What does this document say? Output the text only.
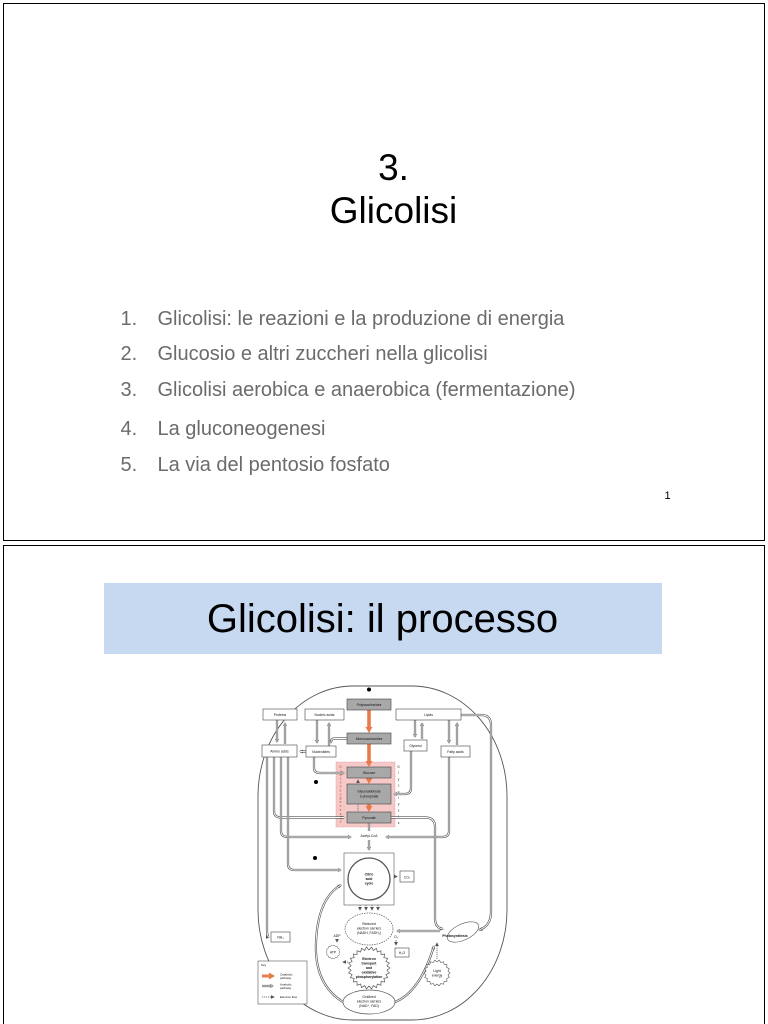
3.
Glicolisi
1. Glicolisi: le reazioni e la produzione di energia
2. Glucosio e altri zuccheri nella glicolisi
3. Glicolisi aerobica e anaerobica (fermentazione)
4. La gluconeogenesi
5. La via del pentosio fosfato
1
Glicolisi: il processo
Polysaccharides
Proteins	Nucleic acids	Lipids
Amino acids	Nucleotides
Monosaccharides
Glycerol
Fatty acids
Glucose
Glyceraldehyde
3-phosphate
Pyruvate
G l u c o n e o g e n e s i s
G l y c o l y s i s
Acetyl-CoA
Citric
acid
cycle
CO₂
Reduced
electron carriers
(NADH, FADH₂)
Electron
transport
and
oxidative
phosphorylation
ADP
ATP
O₂
H₂O
NH₃	Photosynthesis
Light
energy
Oxidized
electron carriers
(NAD⁺, FAD)
Key
Catabolic
pathway
Anabolic
pathway
Electron flow
